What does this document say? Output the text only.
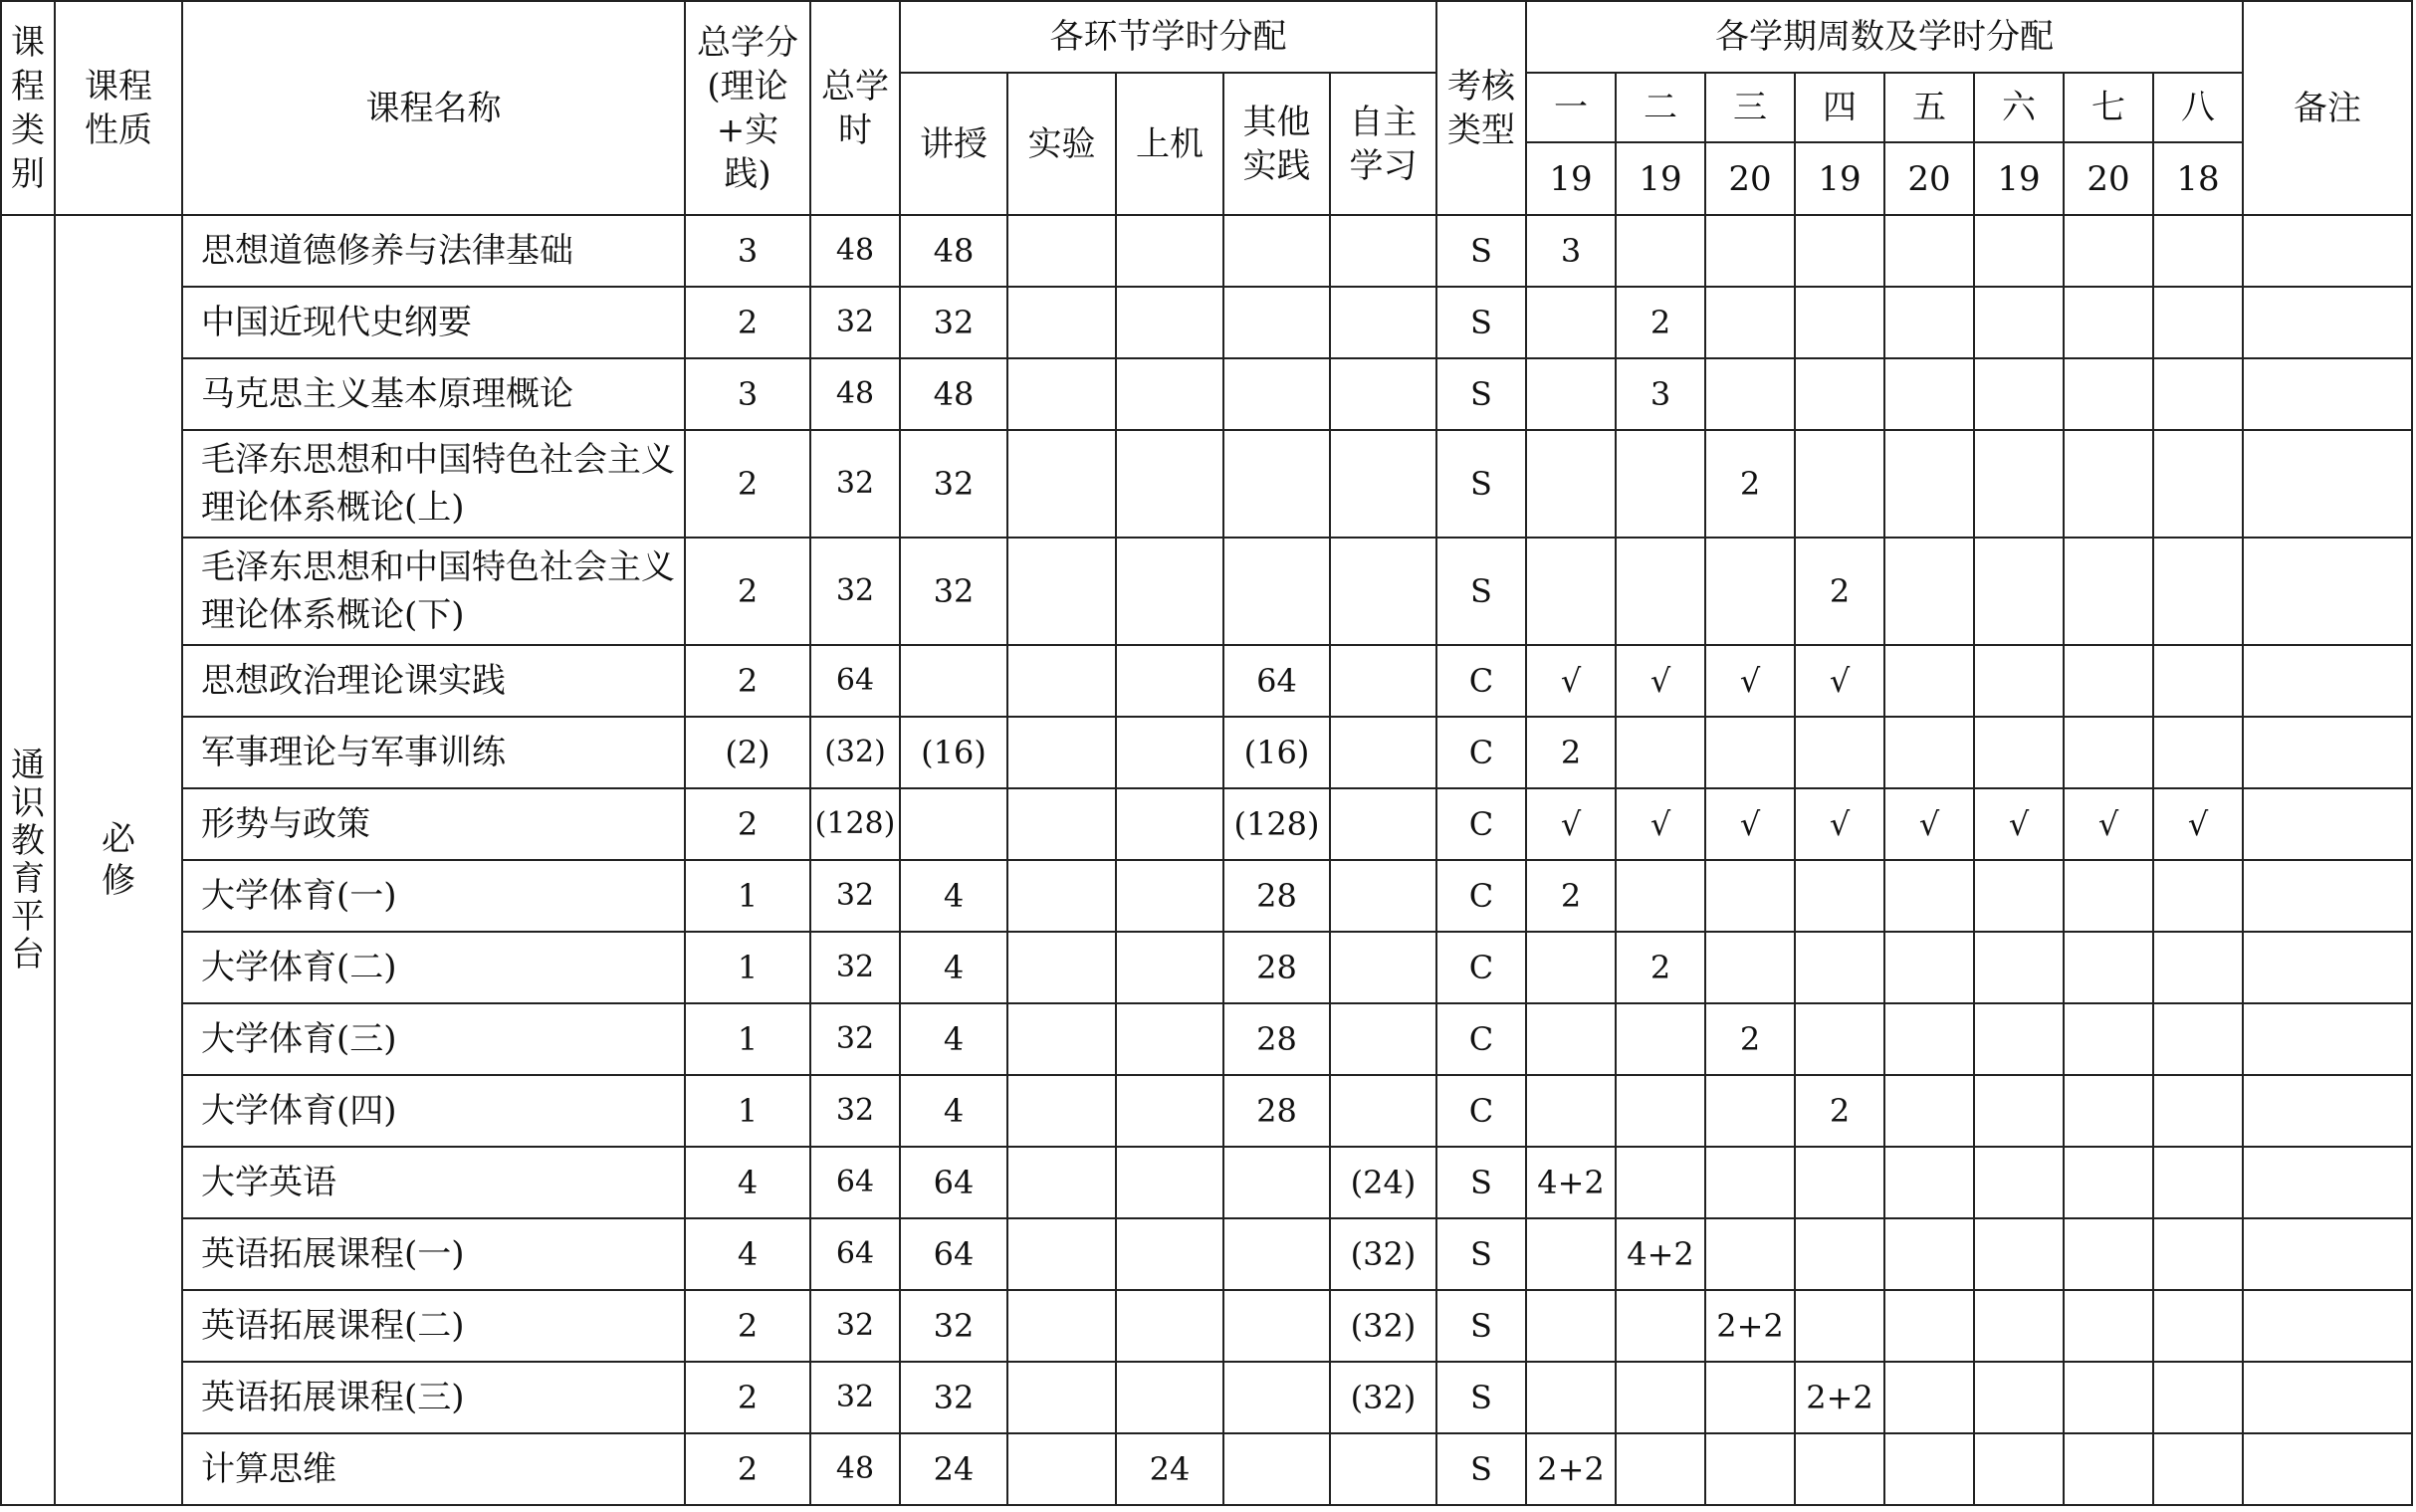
课程类别	课程性质	课程名称	总学分(理论+实践)	总学时	各环节学时分配					考核类型	各学期周数及学时分配								备注
					讲授	实验	上机	其他实践	自主学习		一	二	三	四	五	六	七	八	
											19	19	20	19	20	19	20	18	

通识教育平台	必修	思想道德修养与法律基础	3	48	48					S	3								
		中国近现代史纲要	2	32	32					S		2							
		马克思主义基本原理概论	3	48	48					S		3							
		毛泽东思想和中国特色社会主义理论体系概论(上)	2	32	32					S			2						
		毛泽东思想和中国特色社会主义理论体系概论(下)	2	32	32					S				2					
		思想政治理论课实践	2	64				64		C	√	√	√	√					
		军事理论与军事训练	(2)	(32)	(16)			(16)		C	2								
		形势与政策	2	(128)				(128)		C	√	√	√	√	√	√	√	√	
		大学体育(一)	1	32	4			28		C	2								
		大学体育(二)	1	32	4			28		C		2							
		大学体育(三)	1	32	4			28		C			2						
		大学体育(四)	1	32	4			28		C				2					
		大学英语	4	64	64				(24)	S	4+2								
		英语拓展课程(一)	4	64	64				(32)	S		4+2							
		英语拓展课程(二)	2	32	32				(32)	S			2+2						
		英语拓展课程(三)	2	32	32				(32)	S				2+2					
		计算思维	2	48	24		24			S	2+2								
